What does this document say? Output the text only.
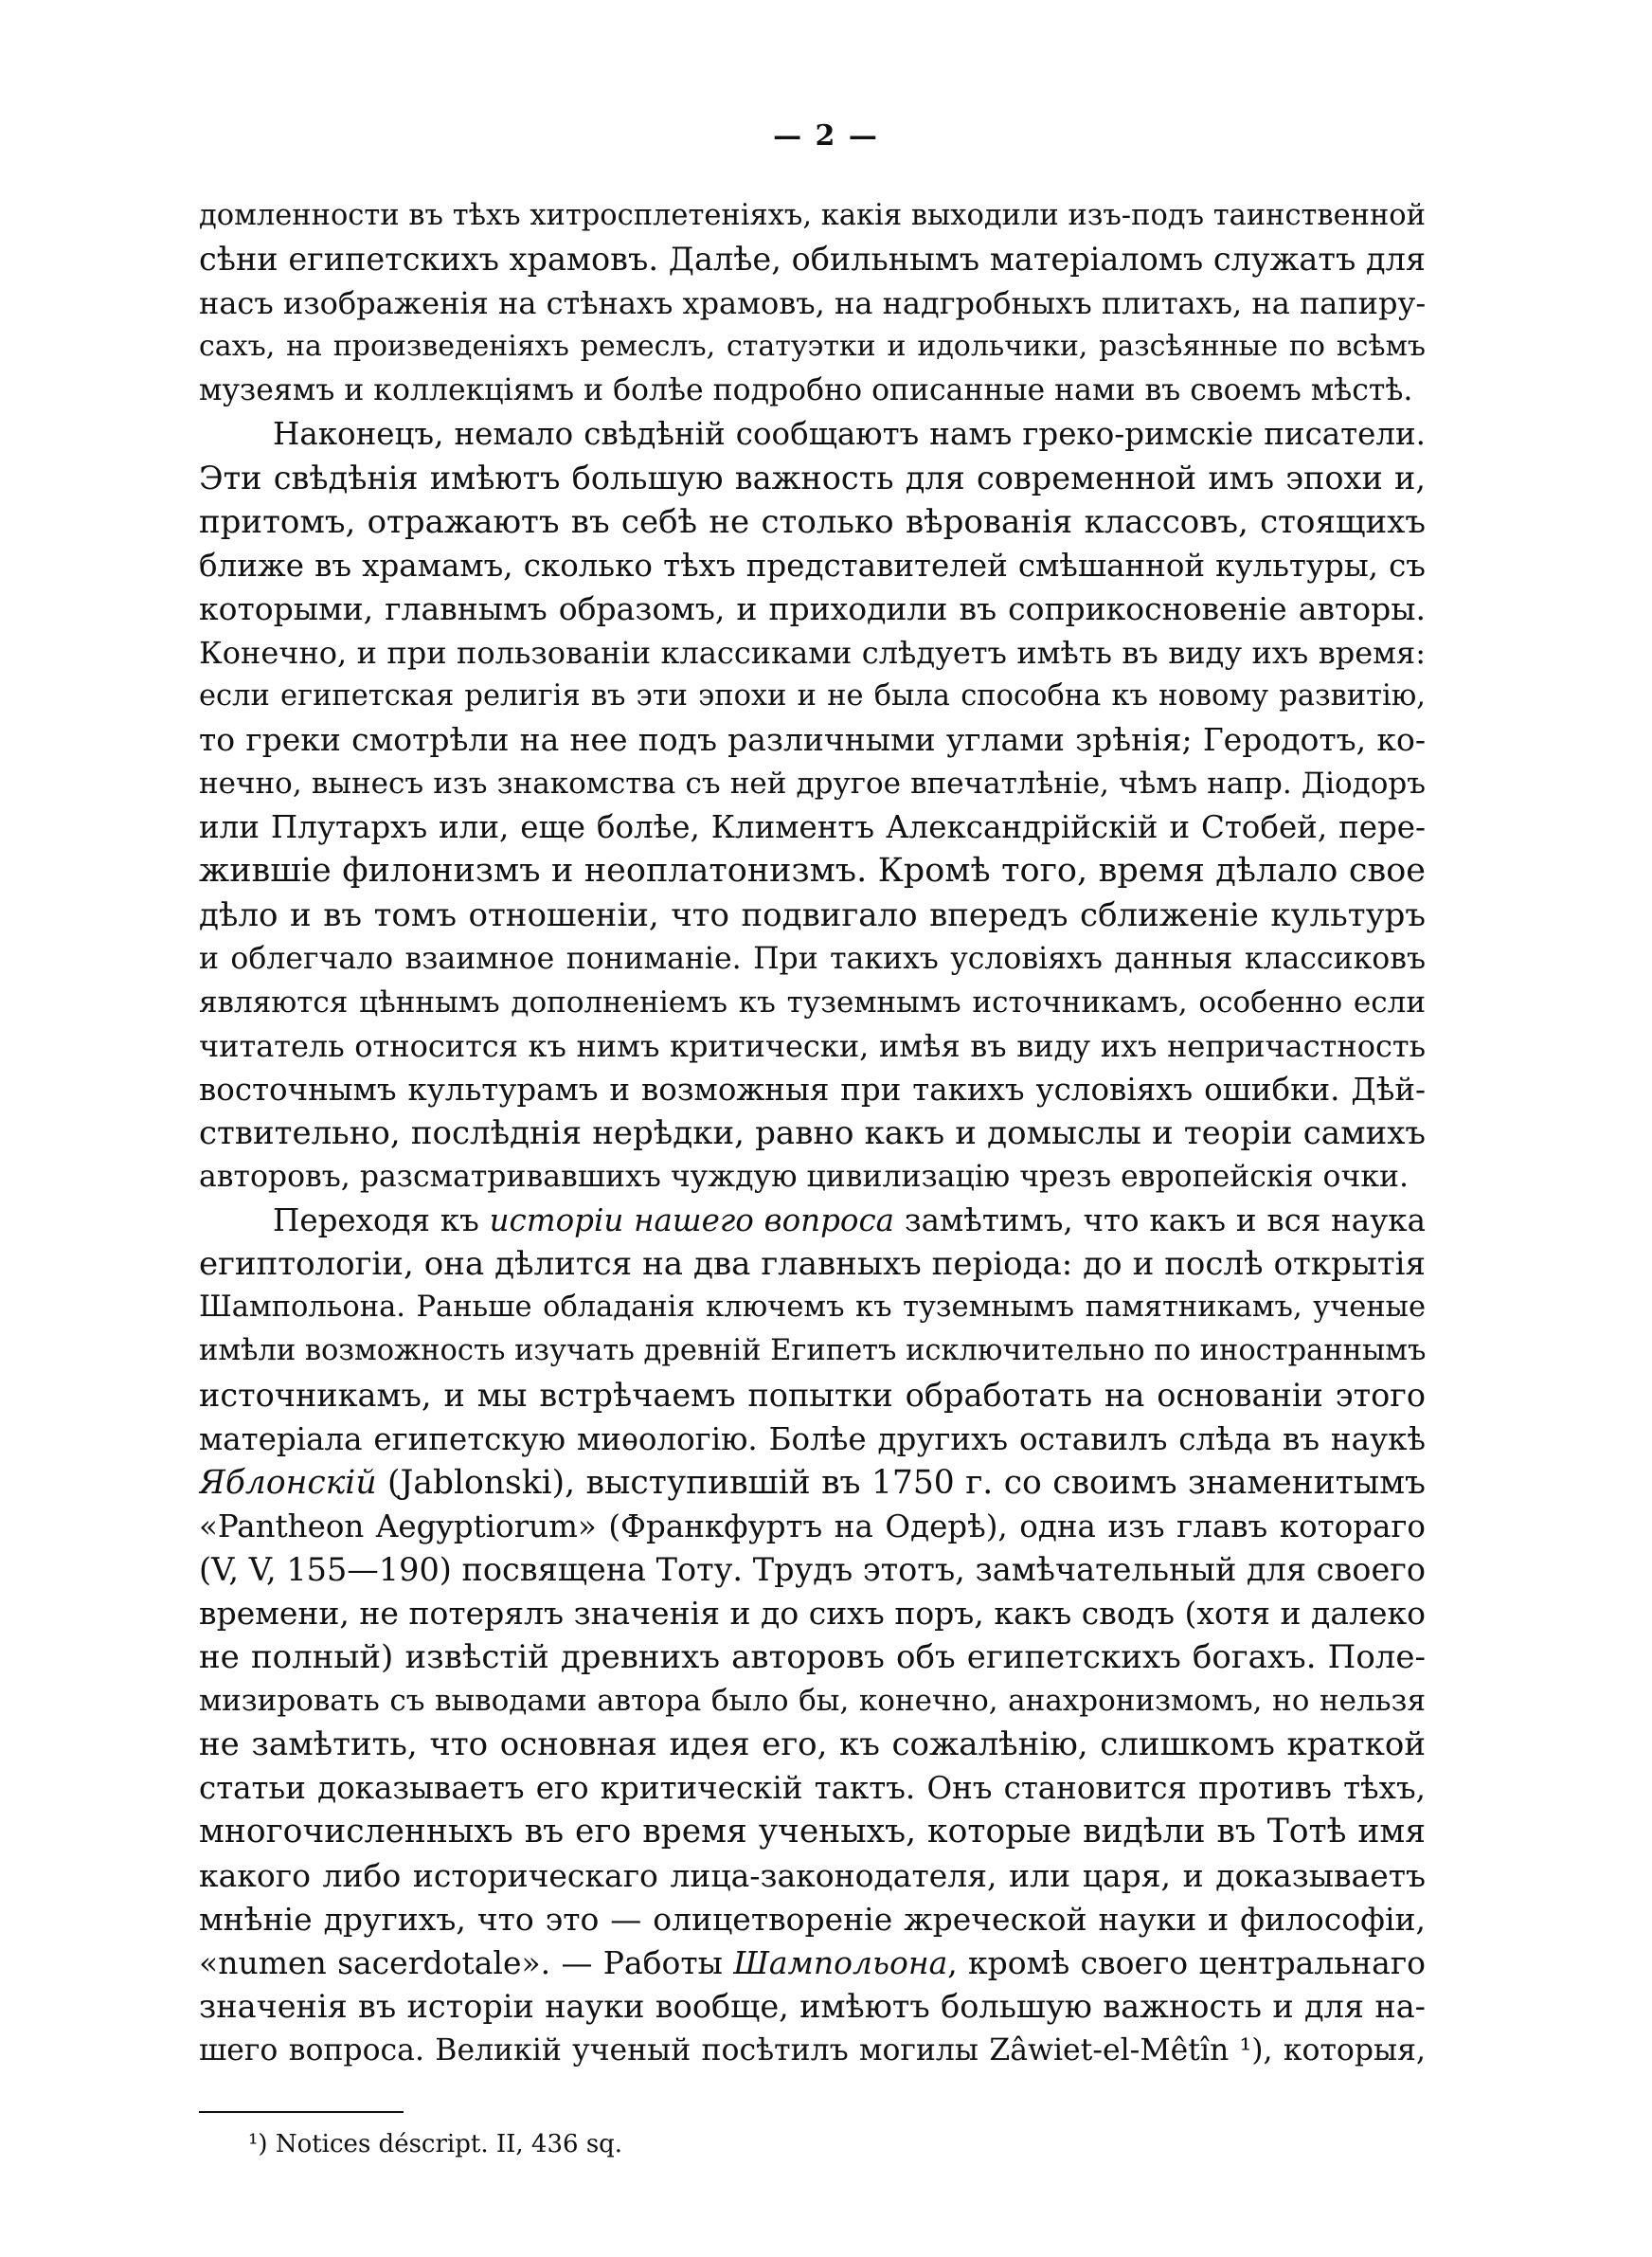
— 2 —
домленности въ тѣхъ хитросплетеніяхъ, какія выходили изъ-подъ таинственной
сѣни египетскихъ храмовъ. Далѣе, обильнымъ матеріаломъ служатъ для
насъ изображенія на стѣнахъ храмовъ, на надгробныхъ плитахъ, на папиру-
сахъ, на произведеніяхъ ремеслъ, статуэтки и идольчики, разсѣянные по всѣмъ
музеямъ и коллекціямъ и болѣе подробно описанные нами въ своемъ мѣстѣ.
Наконецъ, немало свѣдѣній сообщаютъ намъ греко-римскіе писатели.
Эти свѣдѣнія имѣютъ большую важность для современной имъ эпохи и,
притомъ, отражаютъ въ себѣ не столько вѣрованія классовъ, стоящихъ
ближе въ храмамъ, сколько тѣхъ представителей смѣшанной культуры, съ
которыми, главнымъ образомъ, и приходили въ соприкосновеніе авторы.
Конечно, и при пользованіи классиками слѣдуетъ имѣть въ виду ихъ время:
если египетская религія въ эти эпохи и не была способна къ новому развитію,
то греки смотрѣли на нее подъ различными углами зрѣнія; Геродотъ, ко-
нечно, вынесъ изъ знакомства съ ней другое впечатлѣніе, чѣмъ напр. Діодоръ
или Плутархъ или, еще болѣе, Климентъ Александрійскій и Стобей, пере-
жившіе филонизмъ и неоплатонизмъ. Кромѣ того, время дѣлало свое
дѣло и въ томъ отношеніи, что подвигало впередъ сближеніе культуръ
и облегчало взаимное пониманіе. При такихъ условіяхъ данныя классиковъ
являются цѣннымъ дополненіемъ къ туземнымъ источникамъ, особенно если
читатель относится къ нимъ критически, имѣя въ виду ихъ непричастность
восточнымъ культурамъ и возможныя при такихъ условіяхъ ошибки. Дѣй-
ствительно, послѣднія нерѣдки, равно какъ и домыслы и теоріи самихъ
авторовъ, разсматривавшихъ чуждую цивилизацію чрезъ европейскія очки.
Переходя къ исторіи нашего вопроса замѣтимъ, что какъ и вся наука
египтологіи, она дѣлится на два главныхъ періода: до и послѣ открытія
Шампольона. Раньше обладанія ключемъ къ туземнымъ памятникамъ, ученые
имѣли возможность изучать древній Египетъ исключительно по иностраннымъ
источникамъ, и мы встрѣчаемъ попытки обработать на основаніи этого
матеріала египетскую миѳологію. Болѣе другихъ оставилъ слѣда въ наукѣ
Яблонскій (Jablonski), выступившій въ 1750 г. со своимъ знаменитымъ
«Pantheon Aegyptiorum» (Франкфуртъ на Одерѣ), одна изъ главъ котораго
(V, V, 155—190) посвящена Тоту. Трудъ этотъ, замѣчательный для своего
времени, не потерялъ значенія и до сихъ поръ, какъ сводъ (хотя и далеко
не полный) извѣстій древнихъ авторовъ объ египетскихъ богахъ. Поле-
мизировать съ выводами автора было бы, конечно, анахронизмомъ, но нельзя
не замѣтить, что основная идея его, къ сожалѣнію, слишкомъ краткой
статьи доказываетъ его критическій тактъ. Онъ становится противъ тѣхъ,
многочисленныхъ въ его время ученыхъ, которые видѣли въ Тотѣ имя
какого либо историческаго лица-законодателя, или царя, и доказываетъ
мнѣніе другихъ, что это — олицетвореніе жреческой науки и философіи,
«numen sacerdotale». — Работы Шампольона, кромѣ своего центральнаго
значенія въ исторіи науки вообще, имѣютъ большую важность и для на-
шего вопроса. Великій ученый посѣтилъ могилы Zâwiet-el-Mêtîn ¹), которыя,
¹) Notices déscript. II, 436 sq.
